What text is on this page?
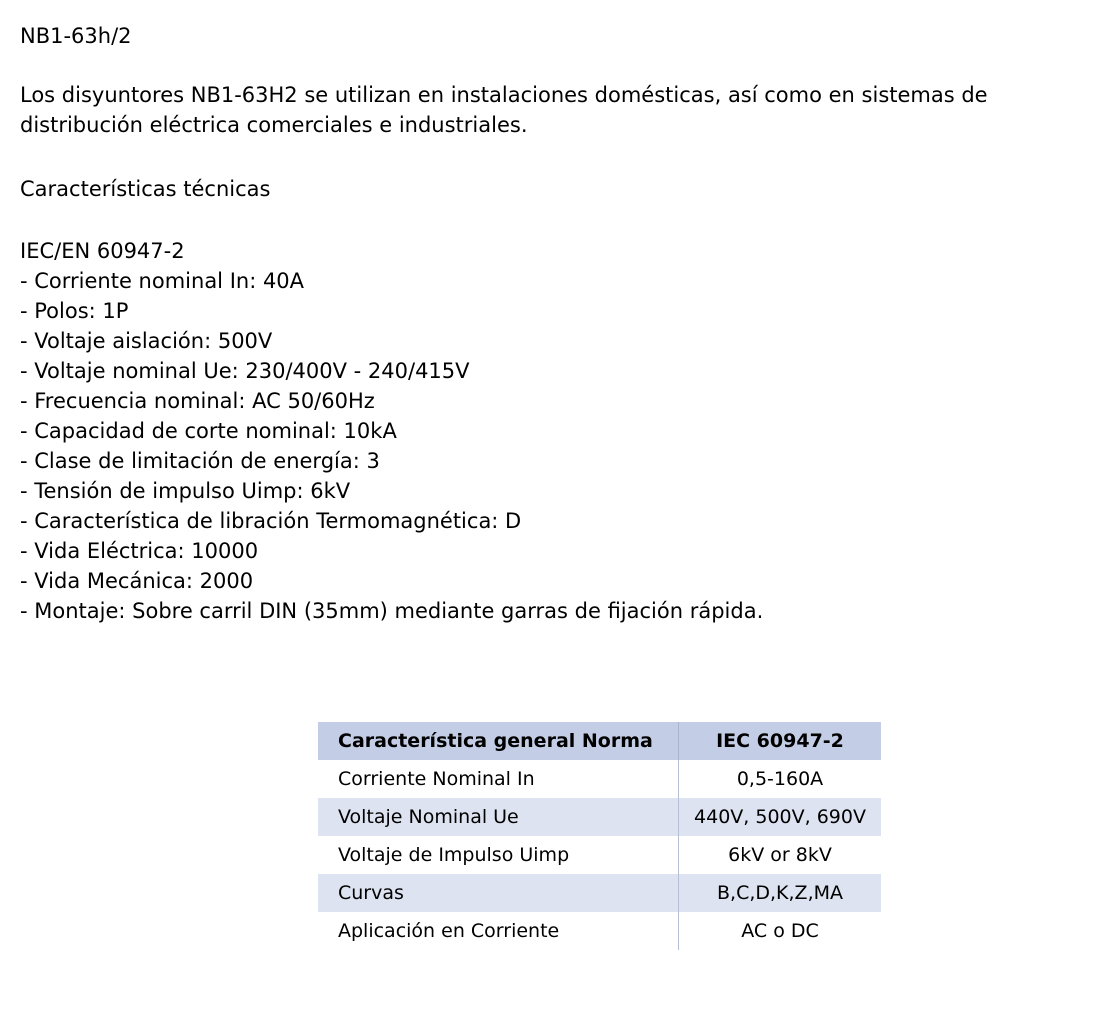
NB1-63h/2
Los disyuntores NB1-63H2 se utilizan en instalaciones domésticas, así como en sistemas de distribución eléctrica comerciales e industriales.
Características técnicas
IEC/EN 60947-2
- Corriente nominal In: 40A
- Polos: 1P
- Voltaje aislación: 500V
- Voltaje nominal Ue: 230/400V - 240/415V
- Frecuencia nominal: AC 50/60Hz
- Capacidad de corte nominal: 10kA
- Clase de limitación de energía: 3
- Tensión de impulso Uimp: 6kV
- Característica de libración Termomagnética: D
- Vida Eléctrica: 10000
- Vida Mecánica: 2000
- Montaje: Sobre carril DIN (35mm) mediante garras de fijación rápida.
Característica general Norma	IEC 60947-2
Corriente Nominal In	0,5-160A
Voltaje Nominal Ue	440V, 500V, 690V
Voltaje de Impulso Uimp	6kV or 8kV
Curvas	B,C,D,K,Z,MA
Aplicación en Corriente	AC o DC
